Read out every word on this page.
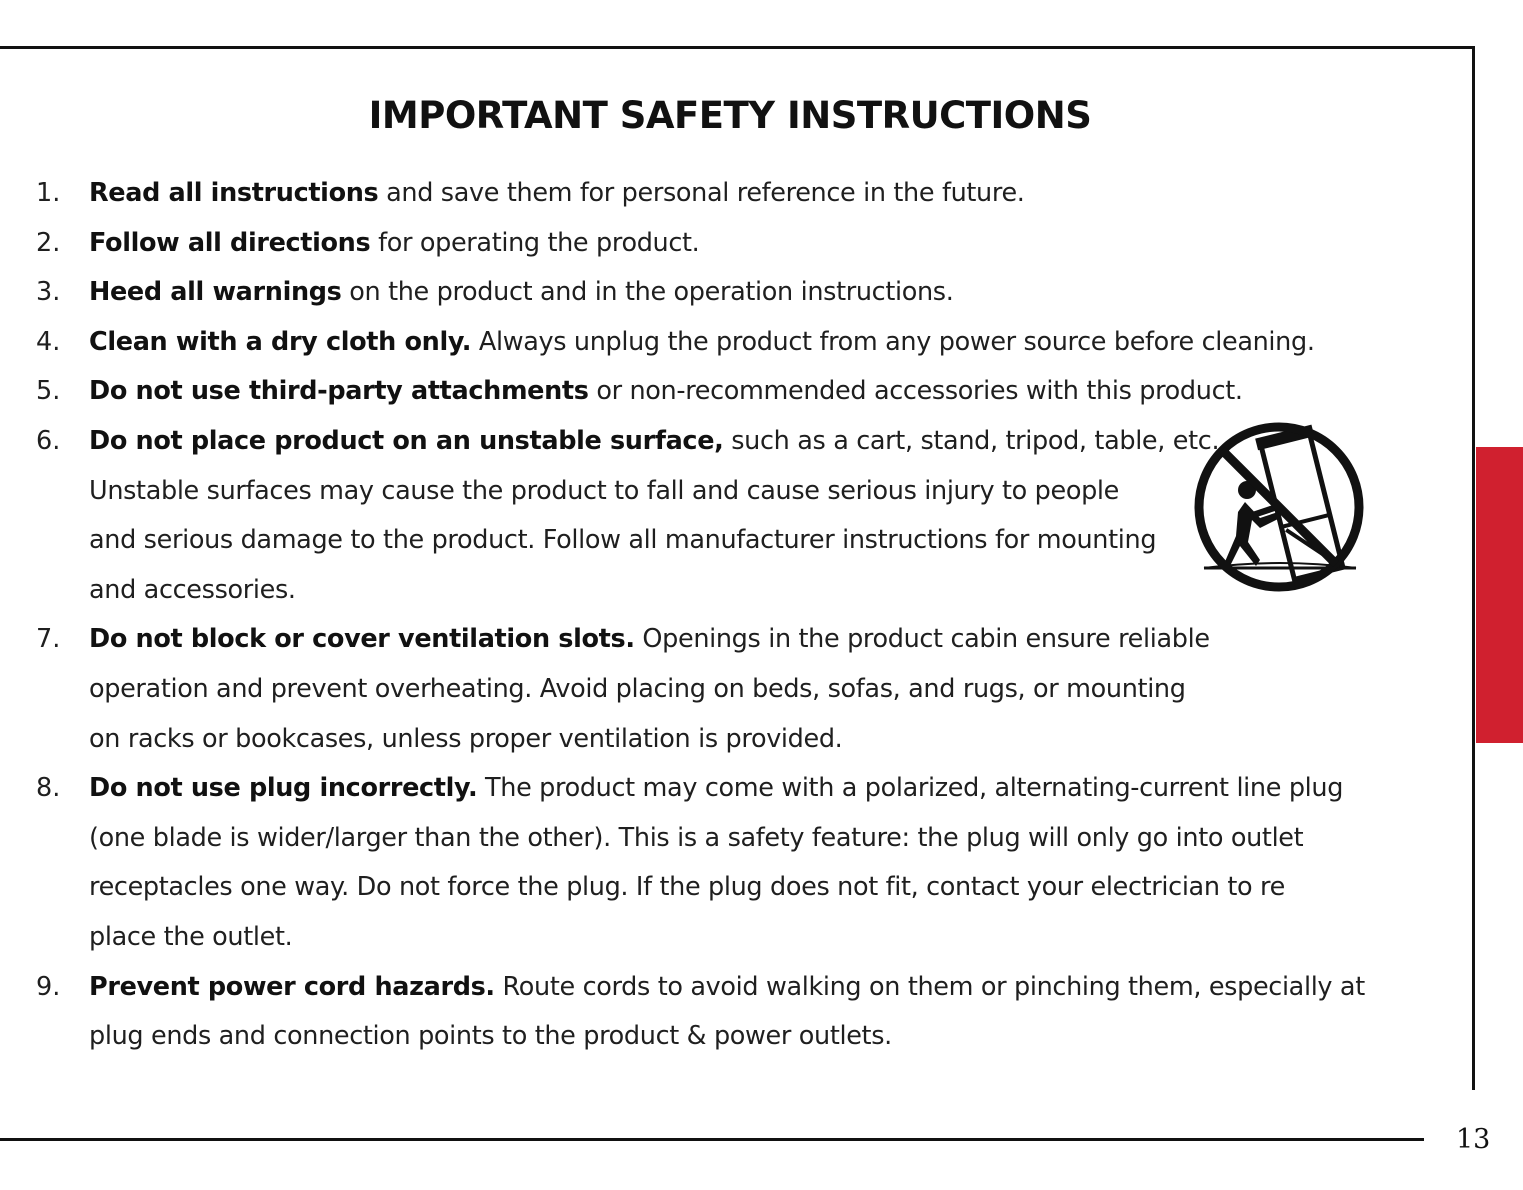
13
IMPORTANT SAFETY INSTRUCTIONS
1. Read all instructions and save them for personal reference in the future.
2. Follow all directions for operating the product.
3. Heed all warnings on the product and in the operation instructions.
4. Clean with a dry cloth only. Always unplug the product from any power source before cleaning.
5. Do not use third-party attachments or non-recommended accessories with this product.
6. Do not place product on an unstable surface, such as a cart, stand, tripod, table, etc.
Unstable surfaces may cause the product to fall and cause serious injury to people
and serious damage to the product. Follow all manufacturer instructions for mounting
and accessories.
7. Do not block or cover ventilation slots. Openings in the product cabin ensure reliable
operation and prevent overheating. Avoid placing on beds, sofas, and rugs, or mounting
on racks or bookcases, unless proper ventilation is provided.
8. Do not use plug incorrectly. The product may come with a polarized, alternating-current line plug
(one blade is wider/larger than the other). This is a safety feature: the plug will only go into outlet
receptacles one way. Do not force the plug. If the plug does not fit, contact your electrician to re
place the outlet.
9. Prevent power cord hazards. Route cords to avoid walking on them or pinching them, especially at
plug ends and connection points to the product & power outlets.
